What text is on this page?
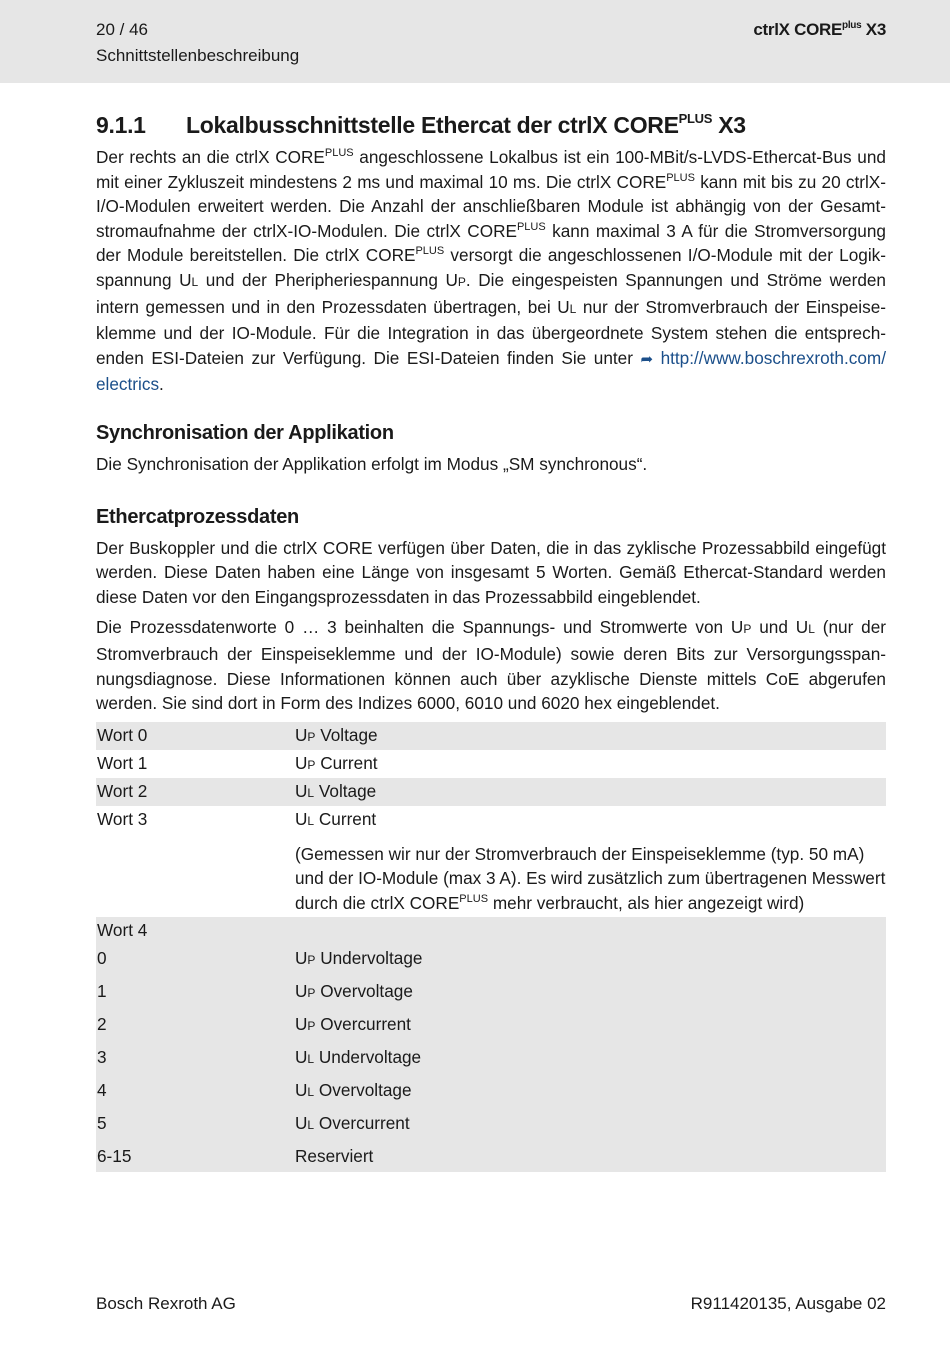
20 / 46
Schnittstellenbeschreibung
ctrlX $CORE^{plus}$ X3
9.1.1 Lokalbusschnittstelle Ethercat der ctrlX $CORE^{PLUS}$ X3

Der rechts an die ctrlX $CORE^{PLUS}$ angeschlossene Lokalbus ist ein 100-MBit/s-LVDS-Ethercat-Bus und mit einer Zykluszeit mindestens 2 ms und maximal 10 ms. Die ctrlX $CORE^{PLUS}$ kann mit bis zu 20 ctrlX-I/O-Modulen erweitert werden. Die Anzahl der anschließbaren Module ist abhängig von der Gesamtstromaufnahme der ctrlX-IO-Modulen. Die ctrlX $CORE^{PLUS}$ kann maximal 3 A für die Stromversorgung der Module bereitstellen. Die ctrlX $CORE^{PLUS}$ versorgt die angeschlossenen I/O-Module mit der Logikspannung UL und der Pheripheriespannung UP. Die eingespeisten Spannungen und Ströme werden intern gemessen und in den Prozessdaten übertragen, bei UL nur der Stromverbrauch der Einspeiseklemme und der IO-Module. Für die Integration in das übergeordnete System stehen die entsprechenden ESI-Dateien zur Verfügung. Die ESI-Dateien finden Sie unter ➦ http://www.boschrexroth.com/​electrics.

Synchronisation der Applikation

Die Synchronisation der Applikation erfolgt im Modus „SM synchronous“.

Ethercatprozessdaten

Der Buskoppler und die ctrlX CORE verfügen über Daten, die in das zyklische Prozessabbild eingefügt werden. Diese Daten haben eine Länge von insgesamt 5 Worten. Gemäß Ethercat-Standard werden diese Daten vor den Eingangsprozessdaten in das Prozessabbild eingeblendet.

Die Prozessdatenworte 0 … 3 beinhalten die Spannungs- und Stromwerte von UP und UL (nur der Stromverbrauch der Einspeiseklemme und der IO-Module) sowie deren Bits zur Versorgungsspannungsdiagnose. Diese Informationen können auch über azyklische Dienste mittels CoE abgerufen werden. Sie sind dort in Form des Indizes 6000, 6010 und 6020 hex eingeblendet.

Wort 0	UP Voltage
Wort 1	UP Current
Wort 2	UL Voltage
Wort 3	UL Current
	(Gemessen wir nur der Stromverbrauch der Einspeiseklemme (typ. 50 mA) und der IO-Module (max 3 A). Es wird zusätzlich zum übertragenen Messwert durch die ctrlX $CORE^{PLUS}$ mehr verbraucht, als hier angezeigt wird)
Wort 4	
0	UP Undervoltage
1	UP Overvoltage
2	UP Overcurrent
3	UL Undervoltage
4	UL Overvoltage
5	UL Overcurrent
6-15	Reserviert
Bosch Rexroth AG	R911420135, Ausgabe 02
